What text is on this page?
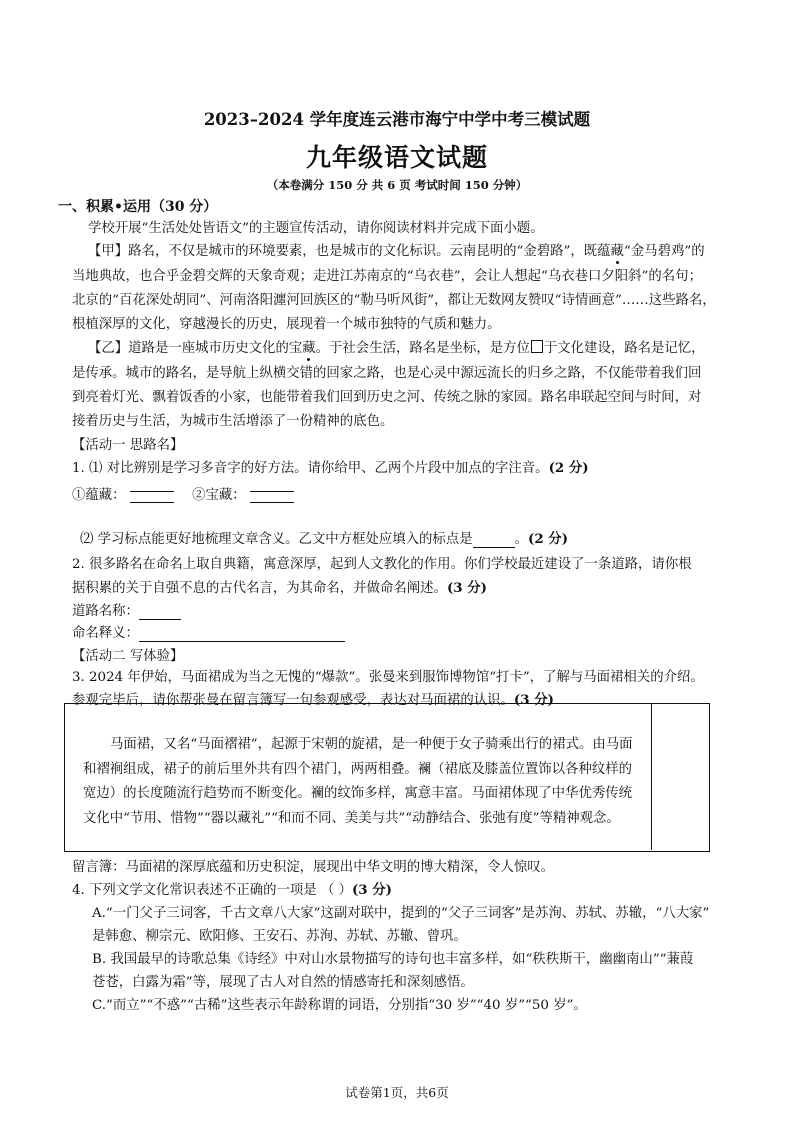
2023–2024 学年度连云港市海宁中学中考三模试题
九年级语文试题
（本卷满分 150 分 共 6 页 考试时间 150 分钟）
一、积累•运用（30 分）
学校开展“生活处处皆语文”的主题宣传活动，请你阅读材料并完成下面小题。
【甲】路名，不仅是城市的环境要素，也是城市的文化标识。云南昆明的“金碧路”，既蕴藏“金马碧鸡”的
当地典故，也合乎金碧交辉的天象奇观；走进江苏南京的“乌衣巷”，会让人想起“乌衣巷口夕阳斜”的名句；
北京的“百花深处胡同”、河南洛阳瀍河回族区的“勒马听风街”，都让无数网友赞叹“诗情画意”……这些路名，
根植深厚的文化，穿越漫长的历史，展现着一个城市独特的气质和魅力。
【乙】道路是一座城市历史文化的宝藏。于社会生活，路名是坐标，是方位 于文化建设，路名是记忆，
是传承。城市的路名，是导航上纵横交错的回家之路，也是心灵中源远流长的归乡之路，不仅能带着我们回
到亮着灯光、飘着饭香的小家，也能带着我们回到历史之河、传统之脉的家园。路名串联起空间与时间，对
接着历史与生活，为城市生活增添了一份精神的底色。
【活动一 思路名】
1. ⑴ 对比辨别是学习多音字的好方法。请你给甲、乙两个片段中加点的字注音。(2 分)
①蕴藏：	②宝藏：
⑵ 学习标点能更好地梳理文章含义。乙文中方框处应填入的标点是	。(2 分)
2. 很多路名在命名上取自典籍，寓意深厚，起到人文教化的作用。你们学校最近建设了一条道路，请你根
据积累的关于自强不息的古代名言，为其命名，并做命名阐述。(3 分)
道路名称：
命名释义：
【活动二 写体验】
3. 2024 年伊始，马面裙成为当之无愧的“爆款”。张曼来到服饰博物馆“打卡”，了解与马面裙相关的介绍。
参观完毕后，请你帮张曼在留言簿写一句参观感受，表达对马面裙的认识。(3 分)
马面裙，又名“马面褶裙”，起源于宋朝的旋裙，是一种便于女子骑乘出行的裙式。由马面和褶裥组成，裙子的前后里外共有四个裙门，两两相叠。襕（裙底及膝盖位置饰以各种纹样的宽边）的长度随流行趋势而不断变化。襕的纹饰多样，寓意丰富。马面裙体现了中华优秀传统文化中“节用、惜物”“器以藏礼”“和而不同、美美与共”“动静结合、张弛有度”等精神观念。
留言簿：马面裙的深厚底蕴和历史积淀，展现出中华文明的博大精深，令人惊叹。
4. 下列文学文化常识表述不正确的一项是 （ ）(3 分)
A.“一门父子三词客，千古文章八大家”这副对联中，提到的“父子三词客”是苏洵、苏轼、苏辙，“八大家”
是韩愈、柳宗元、欧阳修、王安石、苏洵、苏轼、苏辙、曾巩。
B. 我国最早的诗歌总集《诗经》中对山水景物描写的诗句也丰富多样，如“秩秩斯干，幽幽南山”“蒹葭
苍苍，白露为霜”等，展现了古人对自然的情感寄托和深刻感悟。
C.“而立”“不惑”“古稀”这些表示年龄称谓的词语，分别指“30 岁”“40 岁”“50 岁”。
试卷第1页，共6页
